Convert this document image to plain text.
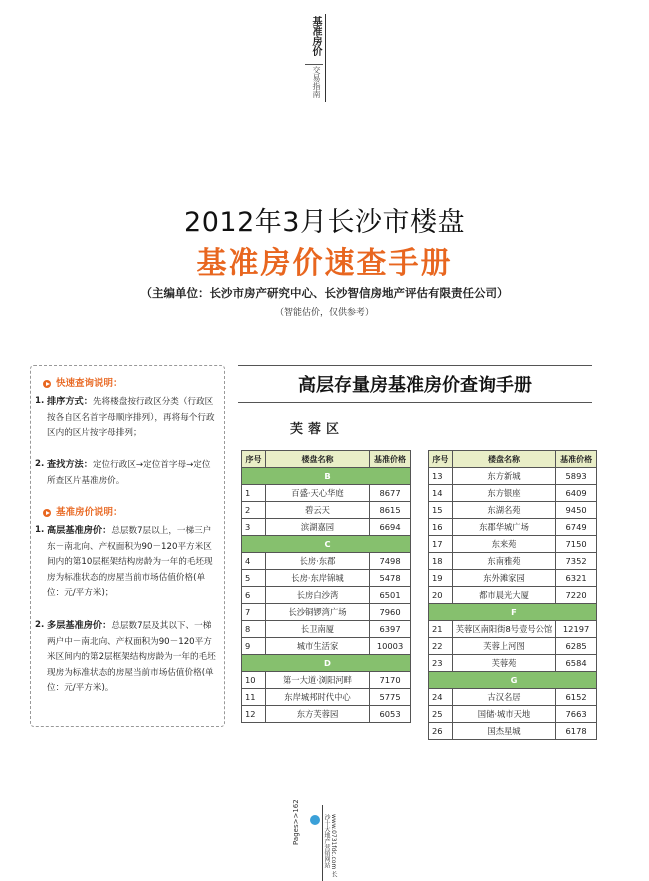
基准房价
交易指南
2012年3月长沙市楼盘
基准房价速查手册
（主编单位：长沙市房产研究中心、长沙智信房地产评估有限责任公司）
（智能估价，仅供参考）
快速查询说明：
1. 排序方式：先将楼盘按行政区分类（行政区按各自区名首字母顺序排列），再将每个行政区内的区片按字母排列；
2. 查找方法：定位行政区→定位首字母→定位所查区片基准房价。
基准房价说明：
1. 高层基准房价：总层数7层以上，一梯三户东－南北向、产权面积为90－120平方米区间内的第10层框架结构房龄为一年的毛坯现房为标准状态的房屋当前市场估值价格(单位：元/平方米)；
2. 多层基准房价：总层数7层及其以下、一梯两户中－南北向、产权面积为90－120平方米区间内的第2层框架结构房龄为一年的毛坯现房为标准状态的房屋当前市场估值价格(单位：元/平方米)。
高层存量房基准房价查询手册
芙蓉区
序号	楼盘名称	基准价格
B		
1	百盛·天心华庭	8677
2	碧云天	8615
3	滨湖嘉园	6694
C		
4	长房·东郡	7498
5	长房·东岸锦城	5478
6	长房白沙湾	6501
7	长沙铜锣湾广场	7960
8	长卫南厦	6397
9	城市生活家	10003
D		
10	第一大道·浏阳河畔	7170
11	东岸城邦时代中心	5775
12	东方芙蓉园	6053
序号	楼盘名称	基准价格
13	东方新城	5893
14	东方银座	6409
15	东湖名苑	9450
16	东郡华城广场	6749
17	东来苑	7150
18	东南雅苑	7352
19	东外滩家园	6321
20	都市晨光大厦	7220
F		
21	芙蓉区南阳街8号壹号公馆	12197
22	芙蓉上河图	6285
23	芙蓉苑	6584
G		
24	古汉名居	6152
25	国储·城市天地	7663
26	国杰星城	6178
Pages>>162	www.0731fdc.com 长沙十大地产营销网站
